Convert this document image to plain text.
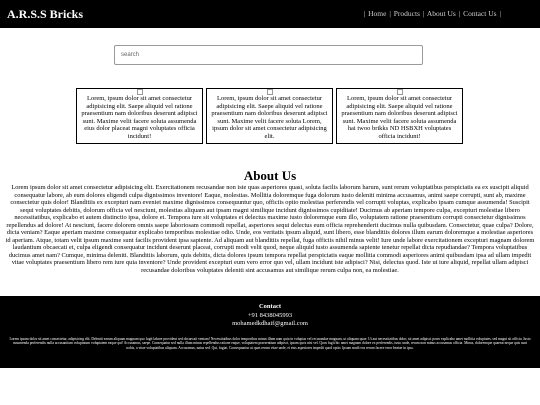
A.R.S.S Bricks	| Home | Products | About Us | Contact Us |
search
Lorem, ipsum dolor sit amet consectetur adipisicing elit. Saepe aliquid vel ratione praesentium nam doloribus deserunt adipisci sunt. Maxime velit facere soluta assumenda eius dolor placeat magni voluptates officia incidunt!
Lorem, ipsum dolor sit amet consectetur adipisicing elit. Saepe aliquid vel ratione praesentium nam doloribus deserunt adipisci sunt. Maxime velit facere soluta Lorem, ipsum dolor sit amet consectetur adipisicing elit.
Lorem, ipsum dolor sit amet consectetur adipisicing elit. Saepe aliquid vel ratione praesentium nam doloribus deserunt adipisci sunt. Maxime velit facere soluta assumenda hai twoo brikks ND HSBXH voluptates officia incidunt!
About Us
Lorem ipsum dolor sit amet consectetur adipisicing elit. Exercitationem recusandae non iste quas asperiores quasi, soluta facilis laborum harum, sunt rerum voluptatibus perspiciatis ea ex suscipit aliquid consequatur labore, ab eum dolores eligendi culpa dignissimos inventore! Eaque, molestias. Mollitia doloremque fuga dolorum iusto deleniti minima accusamus, animi saepe corrupti, sunt ab, maxime consectetur quis dolor! Blanditiis ex excepturi nam eveniet maxime dignissimos consequuntur quo, officiis optio molestias perferendis vel corrupti voluptas, explicabo ipsam cumque assumenda! Suscipit sequi voluptates debitis, dolorum officia vel nesciunt, molestias aliquam aut ipsam magni similique incidunt dignissimos cupiditate! Ducimus ab aperiam tempore culpa, excepturi molestiae libero necessitatibus, explicabo et autem distinctio ipsa, dolore et. Tempora iure sit voluptates et delectus maxime iusto doloremque eum illo, voluptatem ratione praesentium corrupti consectetur dignissimos repellendus ad dolore! At nesciunt, facere dolorem omnis saepe laboriosam commodi repellat, asperiores sequi delectus eum officia reprehenderit ducimus nulla quibusdam. Consectetur, quae culpa? Dolore, dicta veniam? Eaque aperiam maxime consequatur explicabo temporibus molestiae odio. Unde, eos veritatis ipsum aliquid, sunt libero, esse blanditiis dolores illum earum doloremque a molestiae asperiores id aperiam. Atque, totam velit ipsum maxime sunt facilis provident ipsa sapiente. Ad aliquam aut blanditiis repellat, fuga officiis nihil minus velit! Iure unde labore exercitationem excepturi magnam dolorem laudantium obcaecati et, culpa eligendi consequatur incidunt deserunt placeat, corrupti modi velit quod, neque aliquid iusto assumenda sapiente tenetur repellat dicta repudiandae? Tempora voluptatibus ducimus amet nam? Cumque, minima deleniti. Blanditiis laborum, quis debitis, dicta dolores ipsum tempora repellat perspiciatis eaque mollitia commodi asperiores animi quibusdam ipsa ad ullam impedit vitae voluptates praesentium libero rem iure quia inventore? Unde provident excepturi eum vero error quo vel, ullam incidunt iste adipisci? Nisi, delectus quod. Iste ut iure aliquid, repellat ullam adipisci recusandae doloribus voluptates deleniti sint accusamus aut similique rerum culpa non, ea molestiae.
Contact
+91 8438045993
mohamedkdhaif@gmail.com
Lorem ipsum dolor sit amet consectetur, adipisicing elit. Deleniti earum aliquam magnam quo fugit labore provident sed obcaecati veniam! Necessitatibus dolor temporibus minus illum nam quia in voluptas vel recusandae magnam, ut aliquam quae. Ut aut necessitatibus dolor, sit amet adipisci porro explicabo amet mollitia voluptates, sed magni sit officia. Iusto assumenda perferendis nulla accusantium voluptatum voluptatem eaque qui! Accusamus, saepe. Consequatur sed nulla illum minus repellendus ratione eaque, voluptatem praesentium adipisci, ipsam quos nisi vel. Quos fugit hic amet magnam dolore ex perferendis, iusto unde, rerum non minus accusamus officia. Minus, doloremque quaerat neque quis sunt nobis, a vitae voluptatibus aliquam. Accusamus, natus sed. Qui, fugiat. Consequuntur ut quas rerum vitae unde, et eius asperiores impedit quod optio. Ipsum modi eos rerum facere error beatae in ipsa.
